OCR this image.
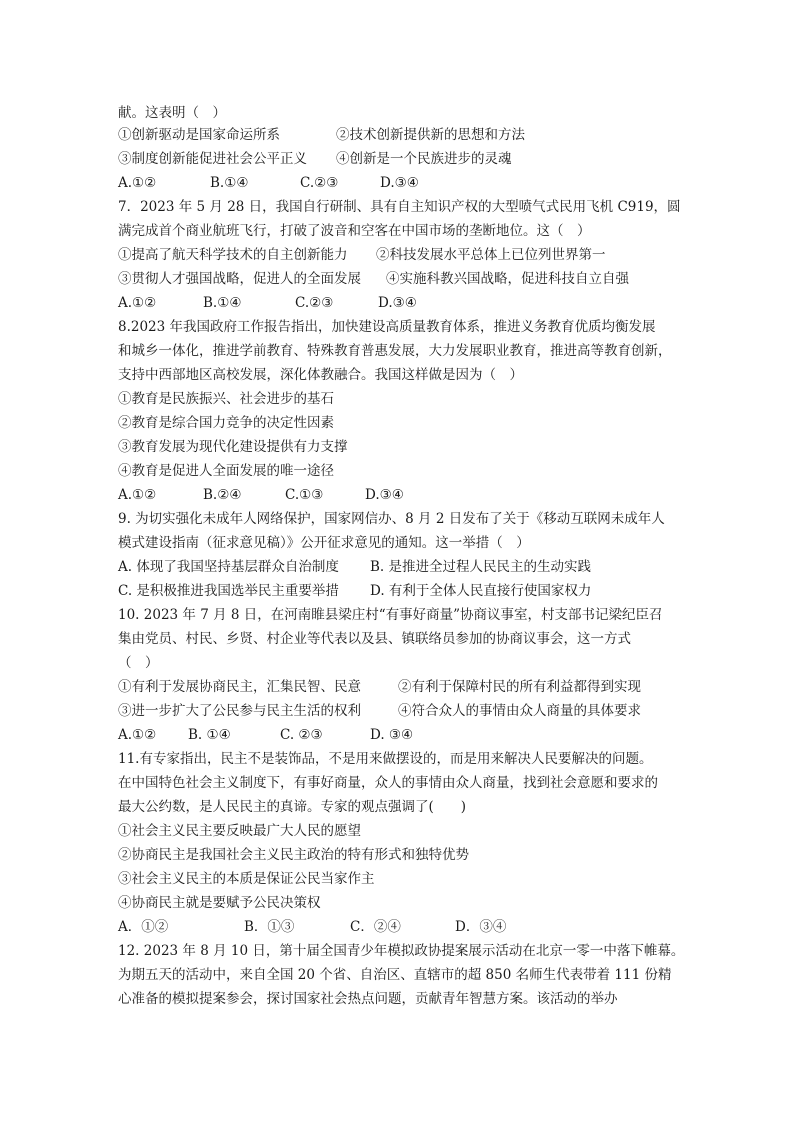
献。这表明（　）
①创新驱动是国家命运所系	②技术创新提供新的思想和方法
③制度创新能促进社会公平正义 ④创新是一个民族进步的灵魂
A.①②	B.①④	C.②③	D.③④
7．2023 年 5 月 28 日，我国自行研制、具有自主知识产权的大型喷气式民用飞机 C919，圆
满完成首个商业航班飞行，打破了波音和空客在中国市场的垄断地位。这（　）
①提高了航天科学技术的自主创新能力 ②科技发展水平总体上已位列世界第一
③贯彻人才强国战略，促进人的全面发展 ④实施科教兴国战略，促进科技自立自强
A.①②	B.①④	C.②③	D.③④
8.2023 年我国政府工作报告指出，加快建设高质量教育体系，推进义务教育优质均衡发展
和城乡一体化，推进学前教育、特殊教育普惠发展，大力发展职业教育，推进高等教育创新，
支持中西部地区高校发展，深化体教融合。我国这样做是因为（　）
①教育是民族振兴、社会进步的基石
②教育是综合国力竞争的决定性因素
③教育发展为现代化建设提供有力支撑
④教育是促进人全面发展的唯一途径
A.①②	B.②④	C.①③	D.③④
9. 为切实强化未成年人网络保护，国家网信办、8 月 2 日发布了关于《移动互联网未成年人
模式建设指南（征求意见稿）》公开征求意见的通知。这一举措（　）
A. 体现了我国坚持基层群众自治制度 B. 是推进全过程人民民主的生动实践
C. 是积极推进我国选举民主重要举措 D. 有利于全体人民直接行使国家权力
10. 2023 年 7 月 8 日，在河南睢县梁庄村“有事好商量”协商议事室，村支部书记梁纪臣召
集由党员、村民、乡贤、村企业等代表以及县、镇联络员参加的协商议事会，这一方式
（　）
①有利于发展协商民主，汇集民智、民意	②有利于保障村民的所有利益都得到实现
③进一步扩大了公民参与民主生活的权利	④符合众人的事情由众人商量的具体要求
A.①② B. ①④	C. ②③	D. ③④
11.有专家指出，民主不是装饰品，不是用来做摆设的，而是用来解决人民要解决的问题。
在中国特色社会主义制度下，有事好商量，众人的事情由众人商量，找到社会意愿和要求的
最大公约数，是人民民主的真谛。专家的观点强调了(　　)
①社会主义民主要反映最广大人民的愿望
②协商民主是我国社会主义民主政治的特有形式和独特优势
③社会主义民主的本质是保证公民当家作主
④协商民主就是要赋予公民决策权
A．①②	B．①③	C．②④	D．③④
12. 2023 年 8 月 10 日，第十届全国青少年模拟政协提案展示活动在北京一零一中落下帷幕。
为期五天的活动中，来自全国 20 个省、自治区、直辖市的超 850 名师生代表带着 111 份精
心准备的模拟提案参会，探讨国家社会热点问题，贡献青年智慧方案。该活动的举办
